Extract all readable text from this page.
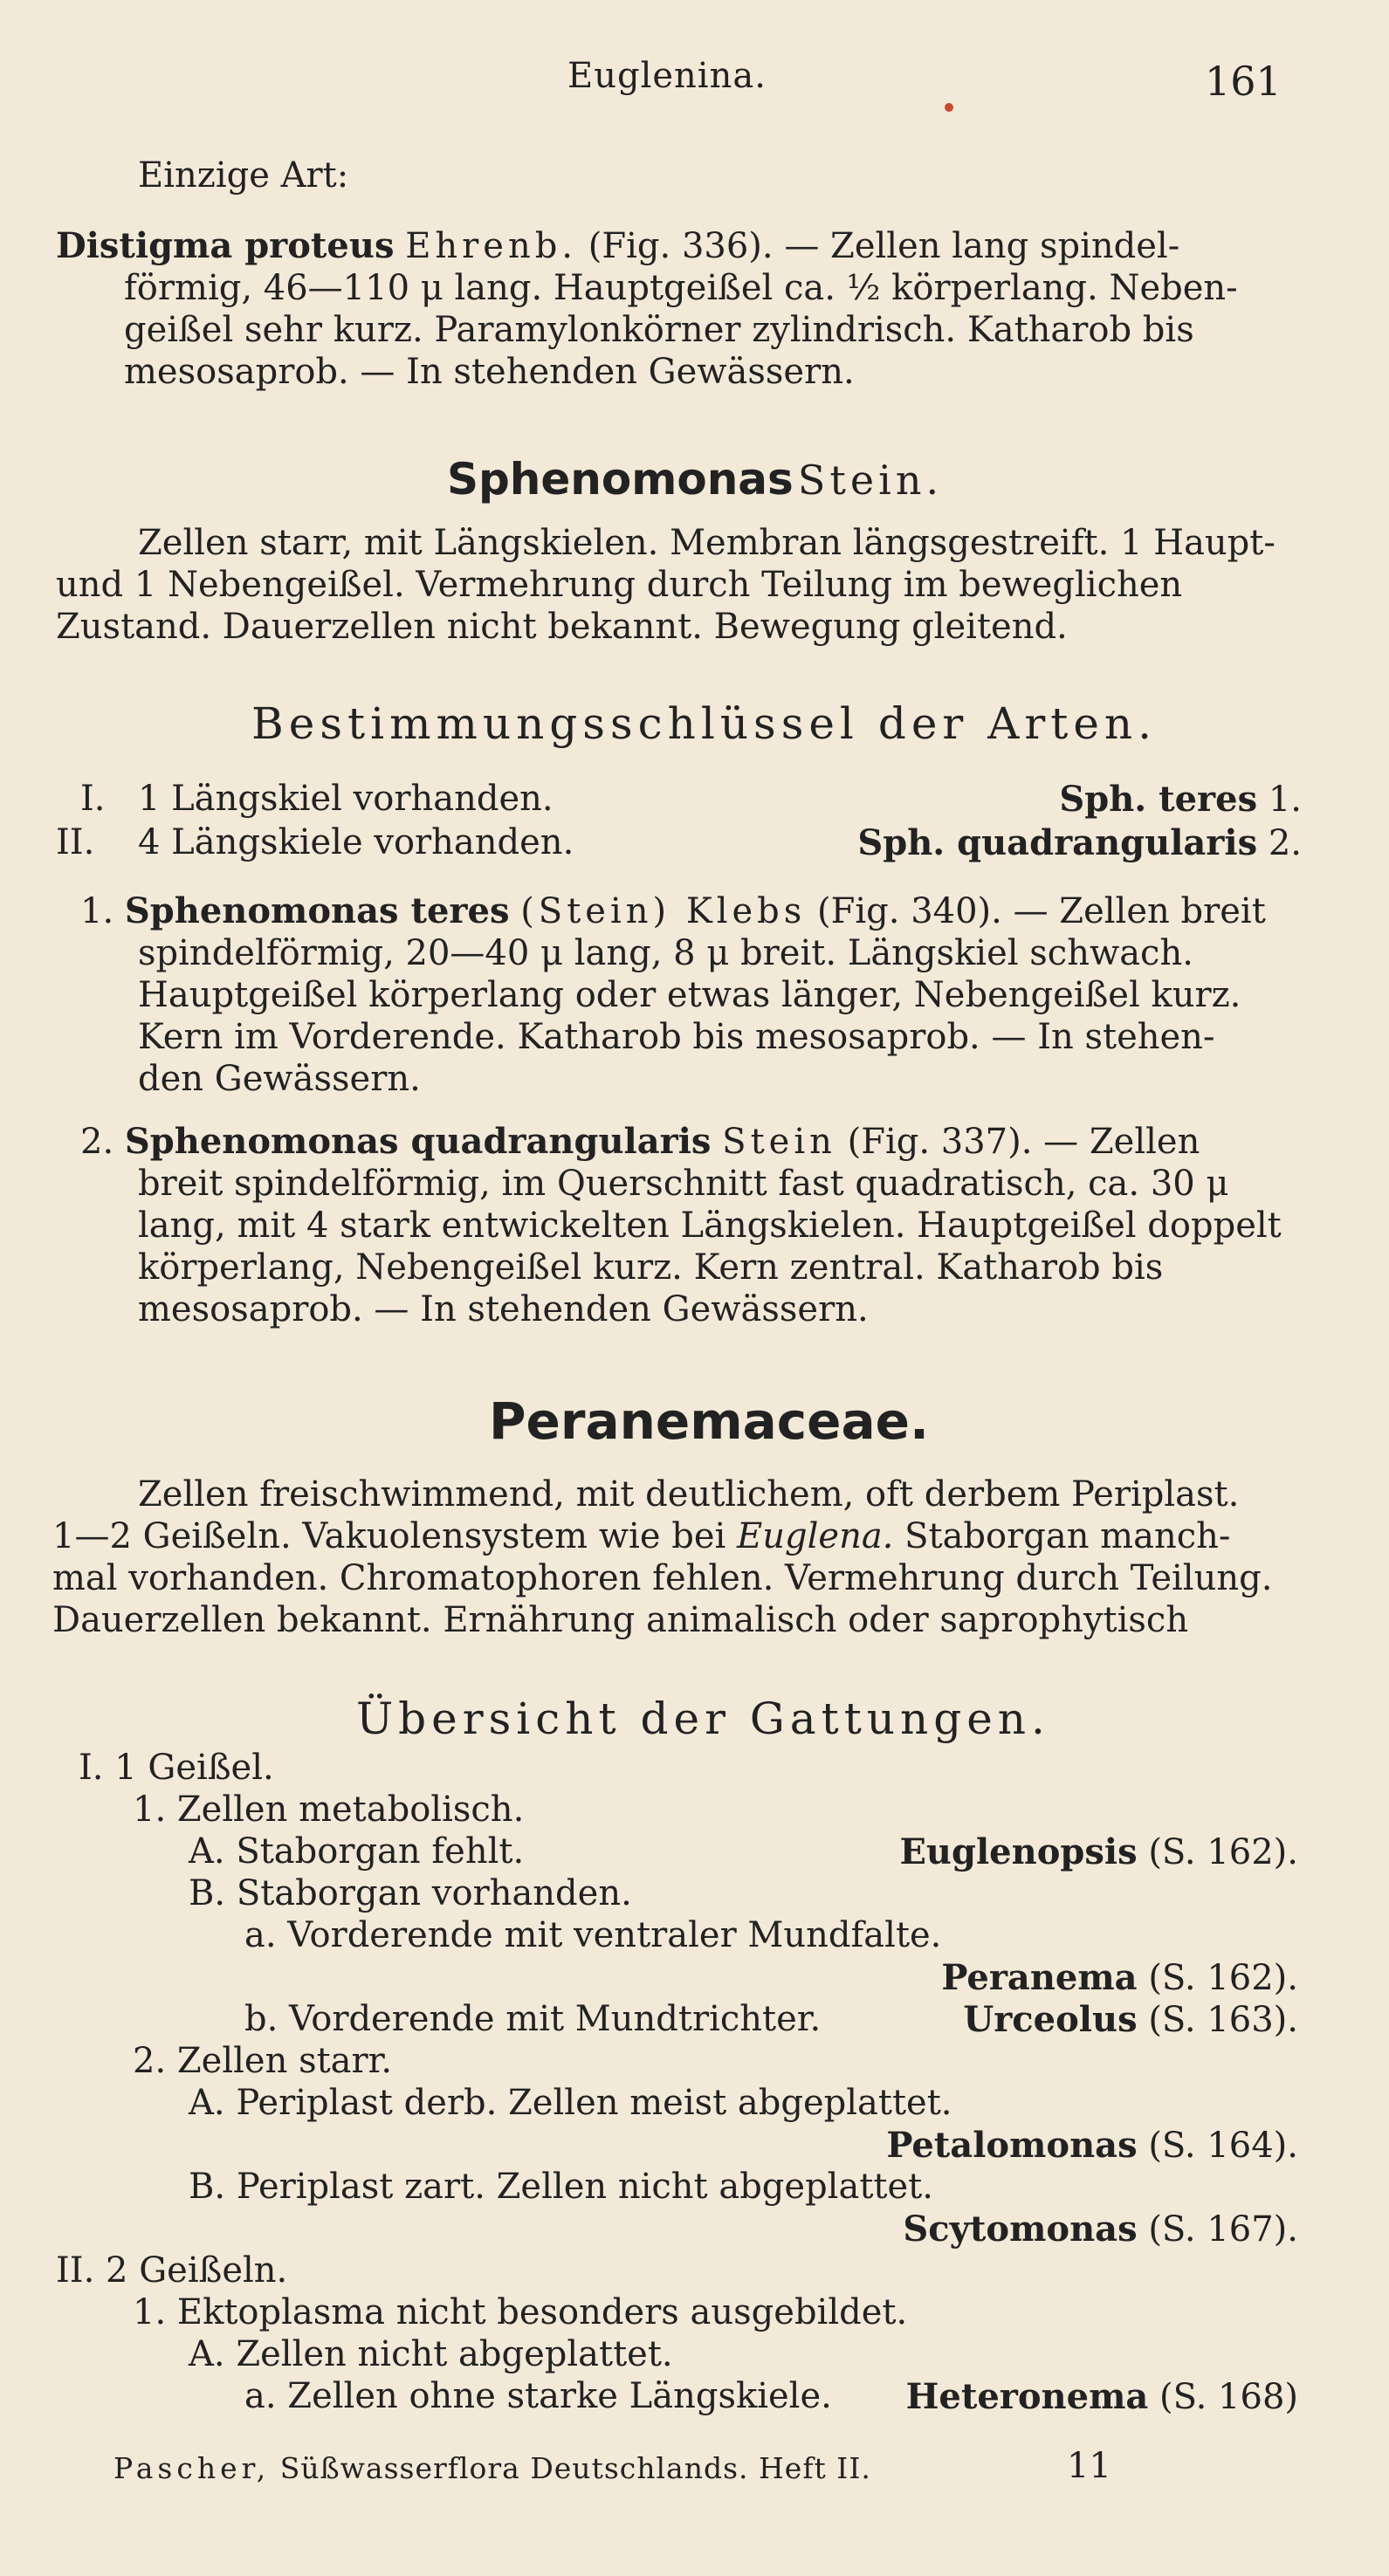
Euglenina.	161
Einzige Art:

Distigma proteus Ehrenb. (Fig. 336). — Zellen lang spindel-

förmig, 46—110 μ lang. Hauptgeißel ca. ½ körperlang. Neben-

geißel sehr kurz. Paramylonkörner zylindrisch. Katharob bis

mesosaprob. — In stehenden Gewässern.

Sphenomonas Stein.

Zellen starr, mit Längskielen. Membran längsgestreift. 1 Haupt-

und 1 Nebengeißel. Vermehrung durch Teilung im beweglichen

Zustand. Dauerzellen nicht bekannt. Bewegung gleitend.

Bestimmungsschlüssel der Arten.
I. 1 Längskiel vorhanden.	Sph. teres 1.
II. 4 Längskiele vorhanden.	Sph. quadrangularis 2.

1. Sphenomonas teres (Stein) Klebs (Fig. 340). — Zellen breit

spindelförmig, 20—40 μ lang, 8 μ breit. Längskiel schwach.

Hauptgeißel körperlang oder etwas länger, Nebengeißel kurz.

Kern im Vorderende. Katharob bis mesosaprob. — In stehen-

den Gewässern.

2. Sphenomonas quadrangularis Stein (Fig. 337). — Zellen

breit spindelförmig, im Querschnitt fast quadratisch, ca. 30 μ

lang, mit 4 stark entwickelten Längskielen. Hauptgeißel doppelt

körperlang, Nebengeißel kurz. Kern zentral. Katharob bis

mesosaprob. — In stehenden Gewässern.

Peranemaceae.

Zellen freischwimmend, mit deutlichem, oft derbem Periplast.

1—2 Geißeln. Vakuolensystem wie bei Euglena. Staborgan manch-

mal vorhanden. Chromatophoren fehlen. Vermehrung durch Teilung.

Dauerzellen bekannt. Ernährung animalisch oder saprophytisch

Übersicht der Gattungen.
I. 1 Geißel.
1. Zellen metabolisch.
A. Staborgan fehlt.	Euglenopsis (S. 162).
B. Staborgan vorhanden.
a. Vorderende mit ventraler Mundfalte.
Peranema (S. 162).
b. Vorderende mit Mundtrichter.	Urceolus (S. 163).
2. Zellen starr.
A. Periplast derb. Zellen meist abgeplattet.
Petalomonas (S. 164).
B. Periplast zart. Zellen nicht abgeplattet.
Scytomonas (S. 167).
II. 2 Geißeln.
1. Ektoplasma nicht besonders ausgebildet.
A. Zellen nicht abgeplattet.
a. Zellen ohne starke Längskiele. Heteronema (S. 168)
Pascher, Süßwasserflora Deutschlands. Heft II.	11
